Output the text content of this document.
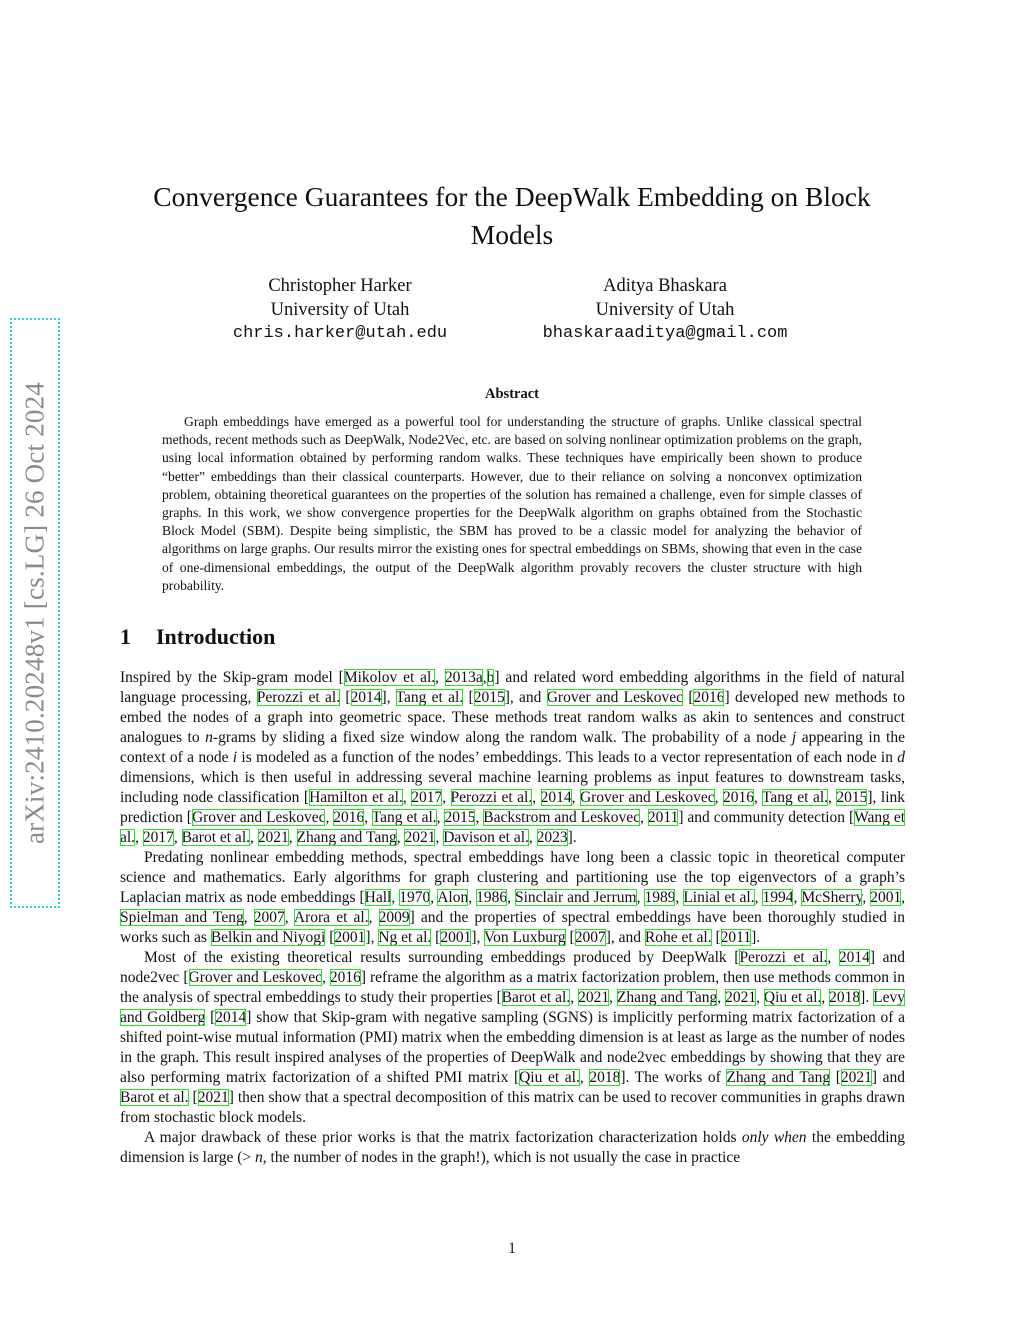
arXiv:2410.20248v1 [cs.LG] 26 Oct 2024
Convergence Guarantees for the DeepWalk Embedding on Block Models
Christopher Harker
University of Utah
chris.harker@utah.edu
Aditya Bhaskara
University of Utah
bhaskaraaditya@gmail.com
Abstract

Graph embeddings have emerged as a powerful tool for understanding the structure of graphs. Unlike classical spectral methods, recent methods such as DeepWalk, Node2Vec, etc. are based on solving nonlinear optimization problems on the graph, using local information obtained by performing random walks. These techniques have empirically been shown to produce “better” embeddings than their classical counterparts. However, due to their reliance on solving a nonconvex optimization problem, obtaining theoretical guarantees on the properties of the solution has remained a challenge, even for simple classes of graphs. In this work, we show convergence properties for the DeepWalk algorithm on graphs obtained from the Stochastic Block Model (SBM). Despite being simplistic, the SBM has proved to be a classic model for analyzing the behavior of algorithms on large graphs. Our results mirror the existing ones for spectral embeddings on SBMs, showing that even in the case of one-dimensional embeddings, the output of the DeepWalk algorithm provably recovers the cluster structure with high probability.

1 Introduction

Inspired by the Skip-gram model [Mikolov et al., 2013a,b] and related word embedding algorithms in the field of natural language processing, Perozzi et al. [2014], Tang et al. [2015], and Grover and Leskovec [2016] developed new methods to embed the nodes of a graph into geometric space. These methods treat random walks as akin to sentences and construct analogues to n-grams by sliding a fixed size window along the random walk. The probability of a node j appearing in the context of a node i is modeled as a function of the nodes’ embeddings. This leads to a vector representation of each node in d dimensions, which is then useful in addressing several machine learning problems as input features to downstream tasks, including node classification [Hamilton et al., 2017, Perozzi et al., 2014, Grover and Leskovec, 2016, Tang et al., 2015], link prediction [Grover and Leskovec, 2016, Tang et al., 2015, Backstrom and Leskovec, 2011] and community detection [Wang et al., 2017, Barot et al., 2021, Zhang and Tang, 2021, Davison et al., 2023].

Predating nonlinear embedding methods, spectral embeddings have long been a classic topic in theoretical computer science and mathematics. Early algorithms for graph clustering and partitioning use the top eigenvectors of a graph’s Laplacian matrix as node embeddings [Hall, 1970, Alon, 1986, Sinclair and Jerrum, 1989, Linial et al., 1994, McSherry, 2001, Spielman and Teng, 2007, Arora et al., 2009] and the properties of spectral embeddings have been thoroughly studied in works such as Belkin and Niyogi [2001], Ng et al. [2001], Von Luxburg [2007], and Rohe et al. [2011].

Most of the existing theoretical results surrounding embeddings produced by DeepWalk [Perozzi et al., 2014] and node2vec [Grover and Leskovec, 2016] reframe the algorithm as a matrix factorization problem, then use methods common in the analysis of spectral embeddings to study their properties [Barot et al., 2021, Zhang and Tang, 2021, Qiu et al., 2018]. Levy and Goldberg [2014] show that Skip-gram with negative sampling (SGNS) is implicitly performing matrix factorization of a shifted point-wise mutual information (PMI) matrix when the embedding dimension is at least as large as the number of nodes in the graph. This result inspired analyses of the properties of DeepWalk and node2vec embeddings by showing that they are also performing matrix factorization of a shifted PMI matrix [Qiu et al., 2018]. The works of Zhang and Tang [2021] and Barot et al. [2021] then show that a spectral decomposition of this matrix can be used to recover communities in graphs drawn from stochastic block models.

A major drawback of these prior works is that the matrix factorization characterization holds only when the embedding dimension is large (> n, the number of nodes in the graph!), which is not usually the case in practice

1
